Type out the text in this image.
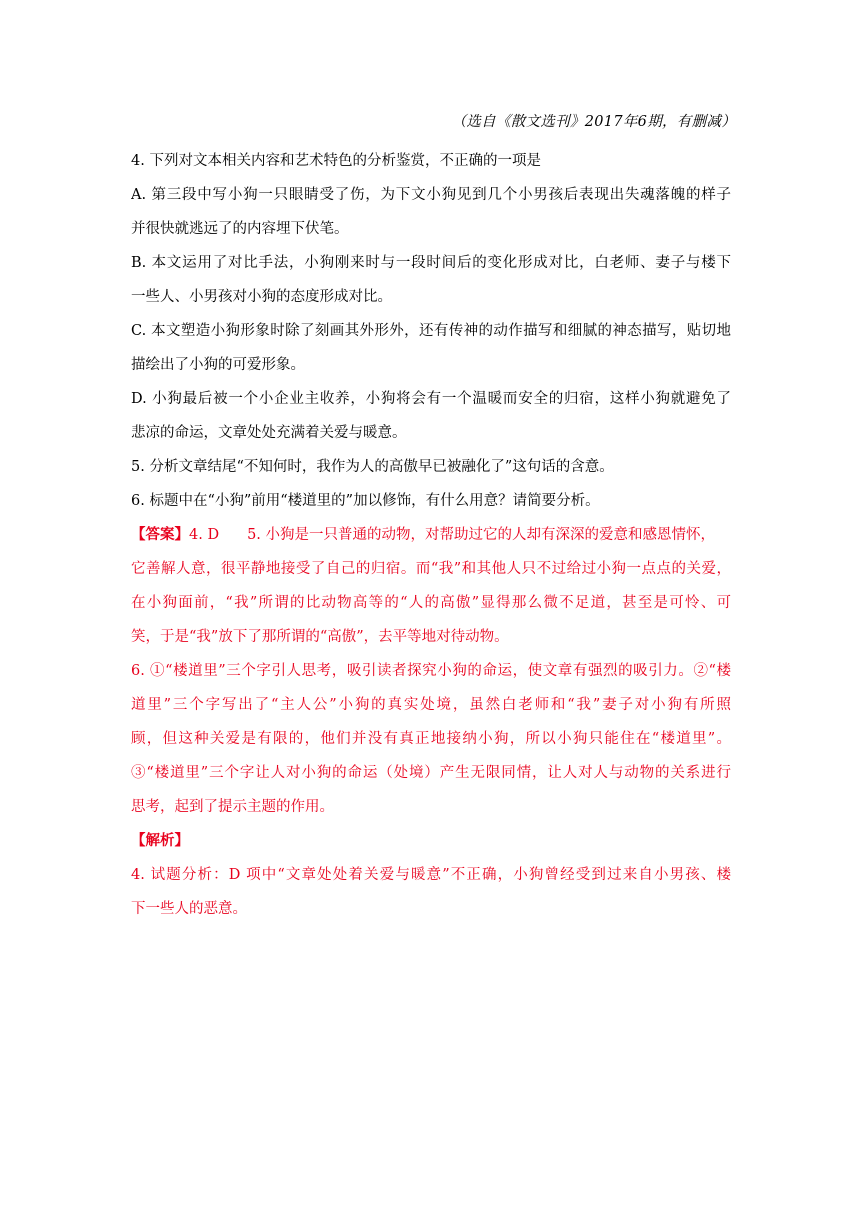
（选自《散文选刊》2017年6期，有删减）
4. 下列对文本相关内容和艺术特色的分析鉴赏，不正确的一项是
A. 第三段中写小狗一只眼睛受了伤，为下文小狗见到几个小男孩后表现出失魂落魄的样子
并很快就逃远了的内容埋下伏笔。
B. 本文运用了对比手法，小狗刚来时与一段时间后的变化形成对比，白老师、妻子与楼下
一些人、小男孩对小狗的态度形成对比。
C. 本文塑造小狗形象时除了刻画其外形外，还有传神的动作描写和细腻的神态描写，贴切地
描绘出了小狗的可爱形象。
D. 小狗最后被一个小企业主收养，小狗将会有一个温暖而安全的归宿，这样小狗就避免了
悲凉的命运，文章处处充满着关爱与暖意。
5. 分析文章结尾“不知何时，我作为人的高傲早已被融化了”这句话的含意。
6. 标题中在“小狗”前用“楼道里的”加以修饰，有什么用意？请简要分析。
【答案】4. D 5. 小狗是一只普通的动物，对帮助过它的人却有深深的爱意和感恩情怀，
它善解人意，很平静地接受了自己的归宿。而“我”和其他人只不过给过小狗一点点的关爱，
在小狗面前，“我”所谓的比动物高等的“人的高傲”显得那么微不足道，甚至是可怜、可
笑，于是“我”放下了那所谓的“高傲”，去平等地对待动物。
6. ①“楼道里”三个字引人思考，吸引读者探究小狗的命运，使文章有强烈的吸引力。②“楼
道里”三个字写出了“主人公”小狗的真实处境，虽然白老师和“我”妻子对小狗有所照
顾，但这种关爱是有限的，他们并没有真正地接纳小狗，所以小狗只能住在“楼道里”。
③“楼道里”三个字让人对小狗的命运（处境）产生无限同情，让人对人与动物的关系进行
思考，起到了提示主题的作用。
【解析】
4. 试题分析：D 项中“文章处处着关爱与暖意”不正确，小狗曾经受到过来自小男孩、楼
下一些人的恶意。
